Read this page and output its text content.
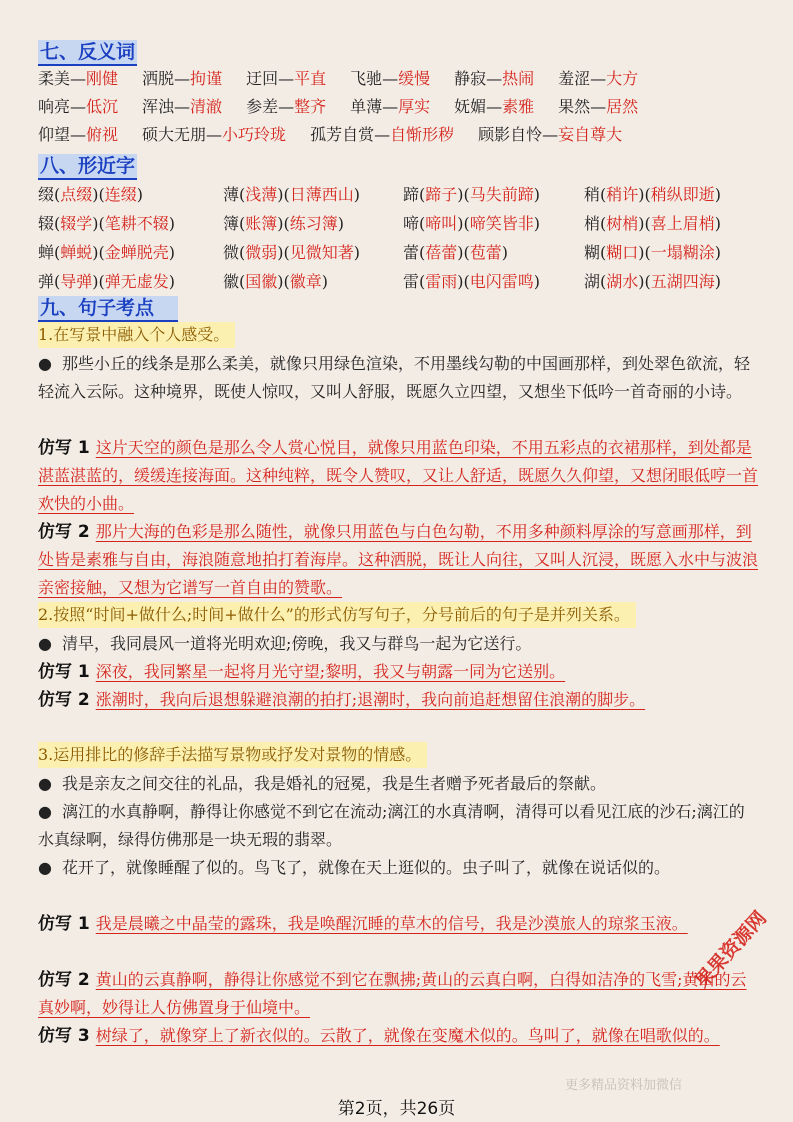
七、反义词
柔美—刚健 洒脱—拘谨 迂回—平直 飞驰—缓慢 静寂—热闹 羞涩—大方
响亮—低沉 浑浊—清澈 参差—整齐 单薄—厚实 妩媚—素雅 果然—居然
仰望—俯视 硕大无朋—小巧玲珑 孤芳自赏—自惭形秽 顾影自怜—妄自尊大
八、形近字
缀(点缀)(连缀)	薄(浅薄)(日薄西山)	蹄(蹄子)(马失前蹄)	稍(稍许)(稍纵即逝)
辍(辍学)(笔耕不辍)	簿(账簿)(练习簿)	啼(啼叫)(啼笑皆非)	梢(树梢)(喜上眉梢)
蝉(蝉蜕)(金蝉脱壳)	微(微弱)(见微知著)	蕾(蓓蕾)(苞蕾)	糊(糊口)(一塌糊涂)
弹(导弹)(弹无虚发)	徽(国徽)(徽章)	雷(雷雨)(电闪雷鸣)	湖(湖水)(五湖四海)
九、句子考点
1.在写景中融入个人感受。
● 那些小丘的线条是那么柔美，就像只用绿色渲染，不用墨线勾勒的中国画那样，到处翠色欲流，轻轻流入云际。这种境界，既使人惊叹，又叫人舒服，既愿久立四望，又想坐下低吟一首奇丽的小诗。
仿写 1 这片天空的颜色是那么令人赏心悦目，就像只用蓝色印染，不用五彩点的衣裙那样，到处都是湛蓝湛蓝的，缓缓连接海面。这种纯粹，既令人赞叹，又让人舒适，既愿久久仰望，又想闭眼低哼一首欢快的小曲。
仿写 2 那片大海的色彩是那么随性，就像只用蓝色与白色勾勒，不用多种颜料厚涂的写意画那样，到处皆是素雅与自由，海浪随意地拍打着海岸。这种洒脱，既让人向往，又叫人沉浸，既愿入水中与波浪亲密接触，又想为它谱写一首自由的赞歌。
2.按照“时间+做什么;时间+做什么”的形式仿写句子，分号前后的句子是并列关系。
● 清早，我同晨风一道将光明欢迎;傍晚，我又与群鸟一起为它送行。
仿写 1 深夜，我同繁星一起将月光守望;黎明，我又与朝露一同为它送别。
仿写 2 涨潮时，我向后退想躲避浪潮的拍打;退潮时，我向前追赶想留住浪潮的脚步。
3.运用排比的修辞手法描写景物或抒发对景物的情感。
● 我是亲友之间交往的礼品，我是婚礼的冠冕，我是生者赠予死者最后的祭献。
● 漓江的水真静啊，静得让你感觉不到它在流动;漓江的水真清啊，清得可以看见江底的沙石;漓江的水真绿啊，绿得仿佛那是一块无瑕的翡翠。
● 花开了，就像睡醒了似的。鸟飞了，就像在天上逛似的。虫子叫了，就像在说话似的。
仿写 1 我是晨曦之中晶莹的露珠，我是唤醒沉睡的草木的信号，我是沙漠旅人的琼浆玉液。
仿写 2 黄山的云真静啊，静得让你感觉不到它在飘拂;黄山的云真白啊，白得如洁净的飞雪;黄山的云真妙啊，妙得让人仿佛置身于仙境中。
仿写 3 树绿了，就像穿上了新衣似的。云散了，就像在变魔术似的。鸟叫了，就像在唱歌似的。
果果资源网
更多精品资料加微信
第2页，共26页
